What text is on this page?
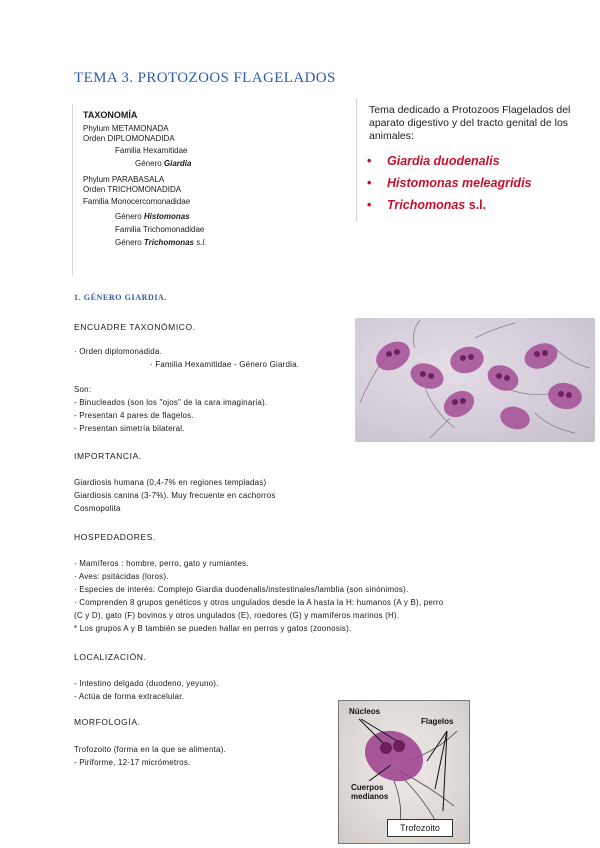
TEMA 3. PROTOZOOS FLAGELADOS
TAXONOMÍA
Phylum METAMONADA
Orden DIPLOMONADIDA
Familia Hexamitidae
Género Giardia
Phylum PARABASALA
Orden TRICHOMONADIDA
Familia Monocercomonadidae
Género Histomonas
Familia Trichomonadidae
Género Trichomonas s.l.
Tema dedicado a Protozoos Flagelados del aparato digestivo y del tracto genital de los animales:
• Giardia duodenalis
• Histomonas meleagridis
• Trichomonas s.l.
1. GÉNERO GIARDIA.
ENCUADRE TAXONÓMICO.
· Orden diplomonadida.
· Familia Hexamitidae - Género Giardia.
Son:
- Binucleados (son los "ojos" de la cara imaginaria).
- Presentan 4 pares de flagelos.
- Presentan simetría bilateral.
IMPORTANCIA.
Giardiosis humana (0,4-7% en regiones templadas)
Giardiosis canina (3-7%). Muy frecuente en cachorros
Cosmopolita
HOSPEDADORES.
· Mamíferos : hombre, perro, gato y rumiantes.
· Aves: psitácidas (loros).
· Especies de interés: Complejo Giardia duodenalis/instestinales/lamblia (son sinónimos).
· Comprenden 8 grupos genéticos y otros ungulados desde la A hasta la H: humanos (A y B), perro
(C y D), gato (F) bovinos y otros ungulados (E), roedores (G) y mamíferos marinos (H).
* Los grupos A y B también se pueden hallar en perros y gatos (zoonosis).
LOCALIZACIÓN.
- Intestino delgado (duodeno, yeyuno).
- Actúa de forma extracelular.
MORFOLOGÍA.
Trofozoito (forma en la que se alimenta).
- Piriforme, 12-17 micrómetros.
Núcleos
Flagelos
Cuerpos
medianos
Trofozoito
